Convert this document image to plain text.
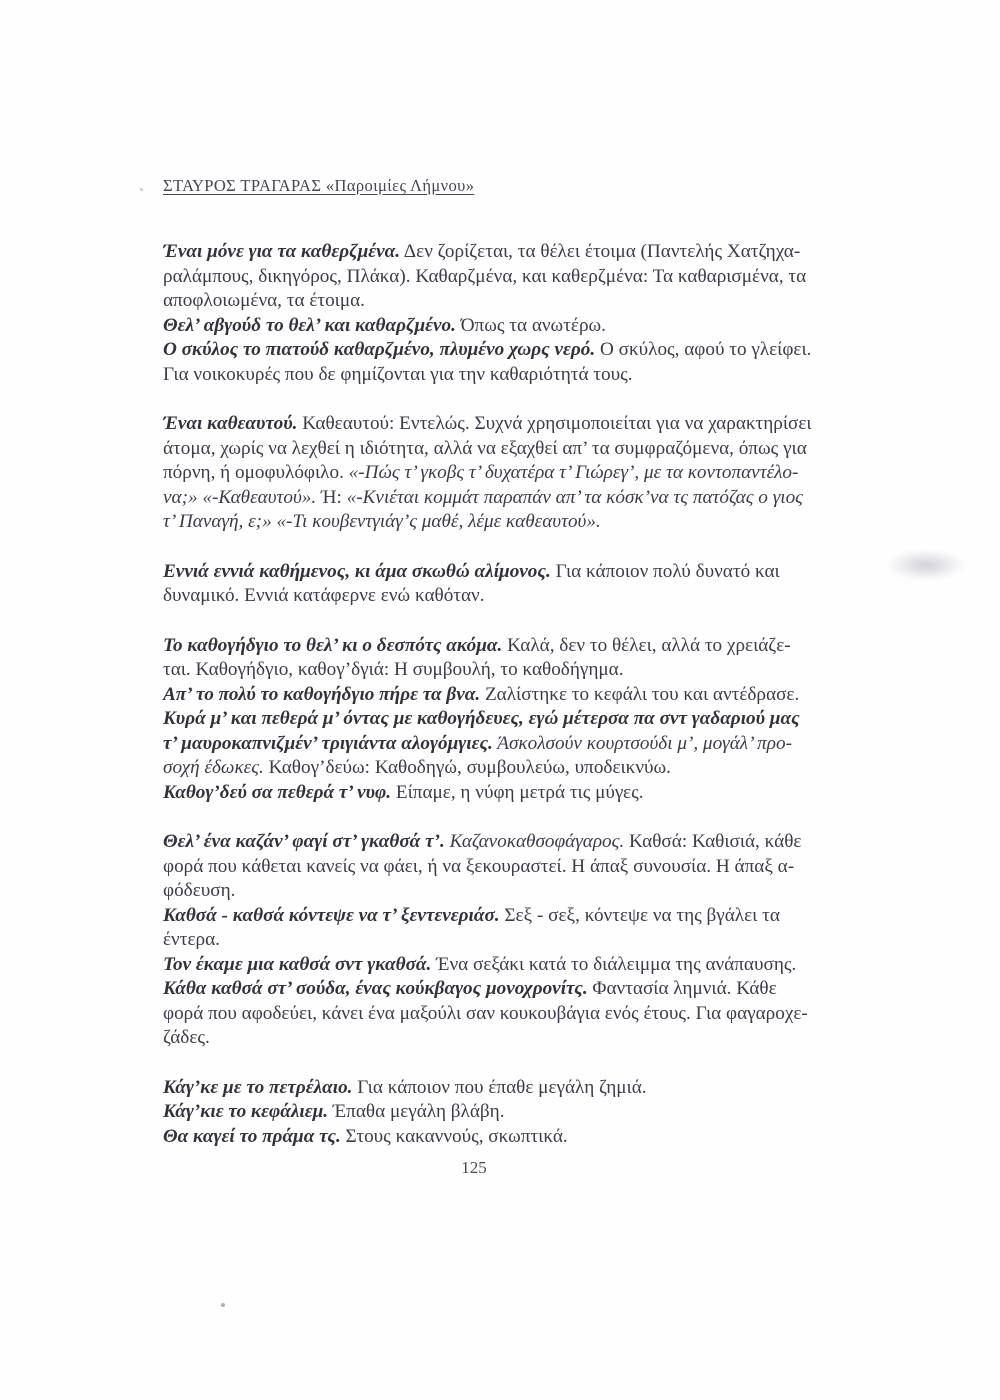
ΣΤΑΥΡΟΣ ΤΡΑΓΑΡΑΣ «Παροιμίες Λήμνου»
Έναι μόνε για τα καθερζμένα. Δεν ζορίζεται, τα θέλει έτοιμα (Παντελής Χατζηχα-
ραλάμπους, δικηγόρος, Πλάκα). Καθαρζμένα, και καθερζμένα: Τα καθαρισμένα, τα
αποφλοιωμένα, τα έτοιμα.
Θελ’ αβγούδ το θελ’ και καθαρζμένο. Όπως τα ανωτέρω.
Ο σκύλος το πιατούδ καθαρζμένο, πλυμένο χωρς νερό. Ο σκύλος, αφού το γλείφει.
Για νοικοκυρές που δε φημίζονται για την καθαριότητά τους.
Έναι καθεαυτού. Καθεαυτού: Εντελώς. Συχνά χρησιμοποιείται για να χαρακτηρίσει
άτομα, χωρίς να λεχθεί η ιδιότητα, αλλά να εξαχθεί απ’ τα συμφραζόμενα, όπως για
πόρνη, ή ομοφυλόφιλο. «-Πώς τ’ γκοβς τ’ δυχατέρα τ’ Γιώρεγ’, με τα κοντοπαντέλο-
να;» «-Καθεαυτού». Ή: «-Κνιέται κομμάτ παραπάν απ’ τα κόσκ’να τς πατόζας ο γιος
τ’ Παναγή, ε;» «-Τι κουβεντγιάγ’ς μαθέ, λέμε καθεαυτού».
Εννιά εννιά καθήμενος, κι άμα σκωθώ αλίμονος. Για κάποιον πολύ δυνατό και
δυναμικό. Εννιά κατάφερνε ενώ καθόταν.
Το καθογήδγιο το θελ’ κι ο δεσπότς ακόμα. Καλά, δεν το θέλει, αλλά το χρειάζε-
ται. Καθογήδγιο, καθογ’δγιά: Η συμβουλή, το καθοδήγημα.
Απ’ το πολύ το καθογήδγιο πήρε τα βνα. Ζαλίστηκε το κεφάλι του και αντέδρασε.
Κυρά μ’ και πεθερά μ’ όντας με καθογήδευες, εγώ μέτερσα πα σντ γαδαριού μας
τ’ μαυροκαπνιζμέν’ τριγιάντα αλογόμγιες. Άσκολσούν κουρτσούδι μ’, μογάλ’ προ-
σοχή έδωκες. Καθογ’δεύω: Καθοδηγώ, συμβουλεύω, υποδεικνύω.
Καθογ’δεύ σα πεθερά τ’ νυφ. Είπαμε, η νύφη μετρά τις μύγες.
Θελ’ ένα καζάν’ φαγί στ’ γκαθσά τ’. Καζανοκαθσοφάγαρος. Καθσά: Καθισιά, κάθε
φορά που κάθεται κανείς να φάει, ή να ξεκουραστεί. Η άπαξ συνουσία. Η άπαξ α-
φόδευση.
Καθσά - καθσά κόντεψε να τ’ ξεντενεριάσ. Σεξ - σεξ, κόντεψε να της βγάλει τα
έντερα.
Τον έκαμε μια καθσά σντ γκαθσά. Ένα σεξάκι κατά το διάλειμμα της ανάπαυσης.
Κάθα καθσά στ’ σούδα, ένας κούκβαγος μονοχρονίτς. Φαντασία λημνιά. Κάθε
φορά που αφοδεύει, κάνει ένα μαξούλι σαν κουκουβάγια ενός έτους. Για φαγαροχε-
ζάδες.
Κάγ’κε με το πετρέλαιο. Για κάποιον που έπαθε μεγάλη ζημιά.
Κάγ’κιε το κεφάλιεμ. Έπαθα μεγάλη βλάβη.
Θα καγεί το πράμα τς. Στους κακαννούς, σκωπτικά.
125
